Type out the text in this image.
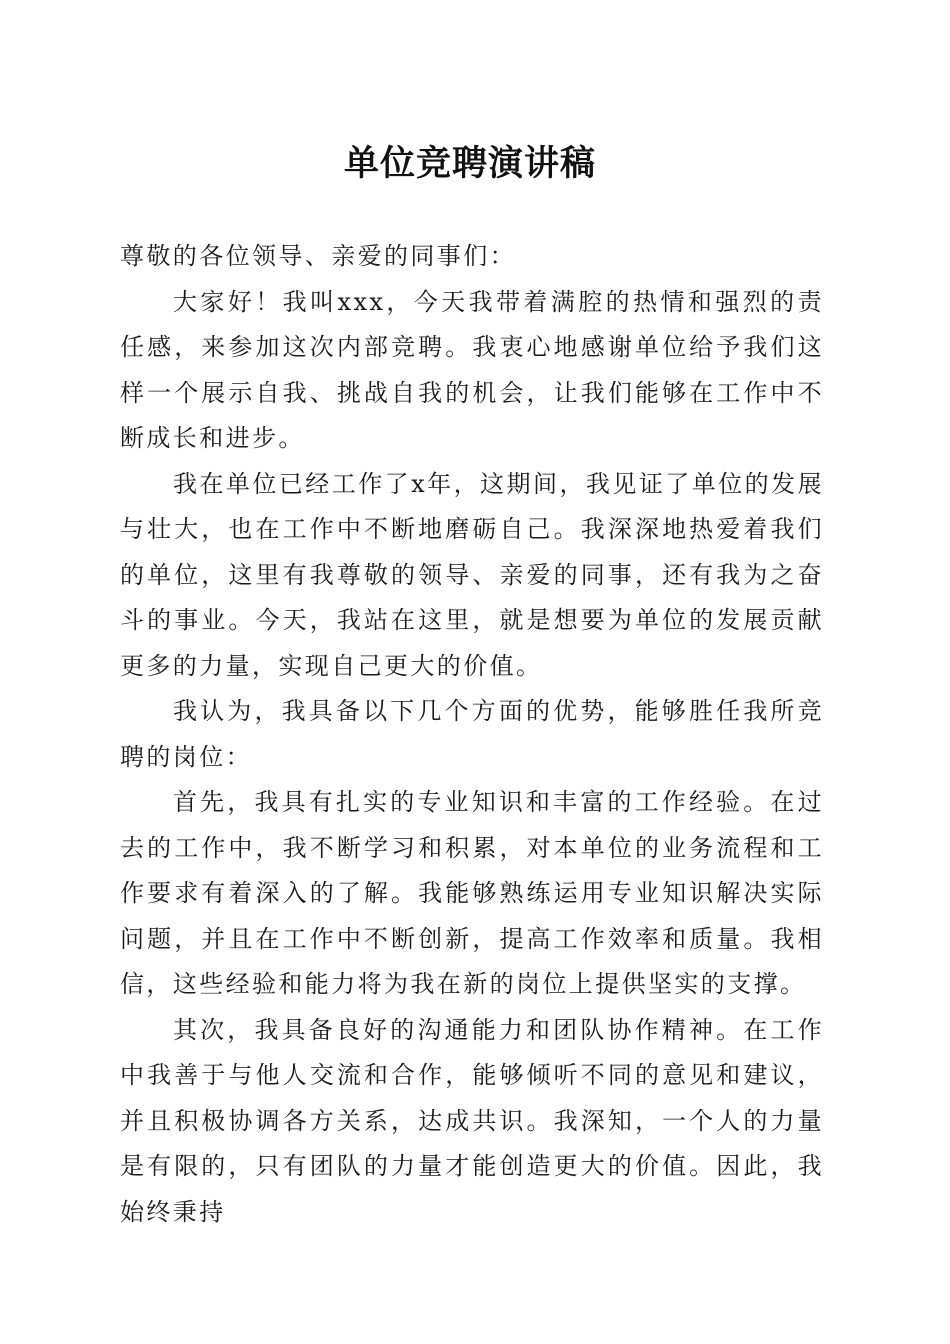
单位竞聘演讲稿

尊敬的各位领导、亲爱的同事们：

大家好！我叫xxx，今天我带着满腔的热情和强烈的责任感，来参加这次内部竞聘。我衷心地感谢单位给予我们这样一个展示自我、挑战自我的机会，让我们能够在工作中不断成长和进步。

我在单位已经工作了x年，这期间，我见证了单位的发展与壮大，也在工作中不断地磨砺自己。我深深地热爱着我们的单位，这里有我尊敬的领导、亲爱的同事，还有我为之奋斗的事业。今天，我站在这里，就是想要为单位的发展贡献更多的力量，实现自己更大的价值。

我认为，我具备以下几个方面的优势，能够胜任我所竞聘的岗位：

首先，我具有扎实的专业知识和丰富的工作经验。在过去的工作中，我不断学习和积累，对本单位的业务流程和工作要求有着深入的了解。我能够熟练运用专业知识解决实际问题，并且在工作中不断创新，提高工作效率和质量。我相信，这些经验和能力将为我在新的岗位上提供坚实的支撑。

其次，我具备良好的沟通能力和团队协作精神。在工作中我善于与他人交流和合作，能够倾听不同的意见和建议，并且积极协调各方关系，达成共识。我深知，一个人的力量是有限的，只有团队的力量才能创造更大的价值。因此，我始终秉持
